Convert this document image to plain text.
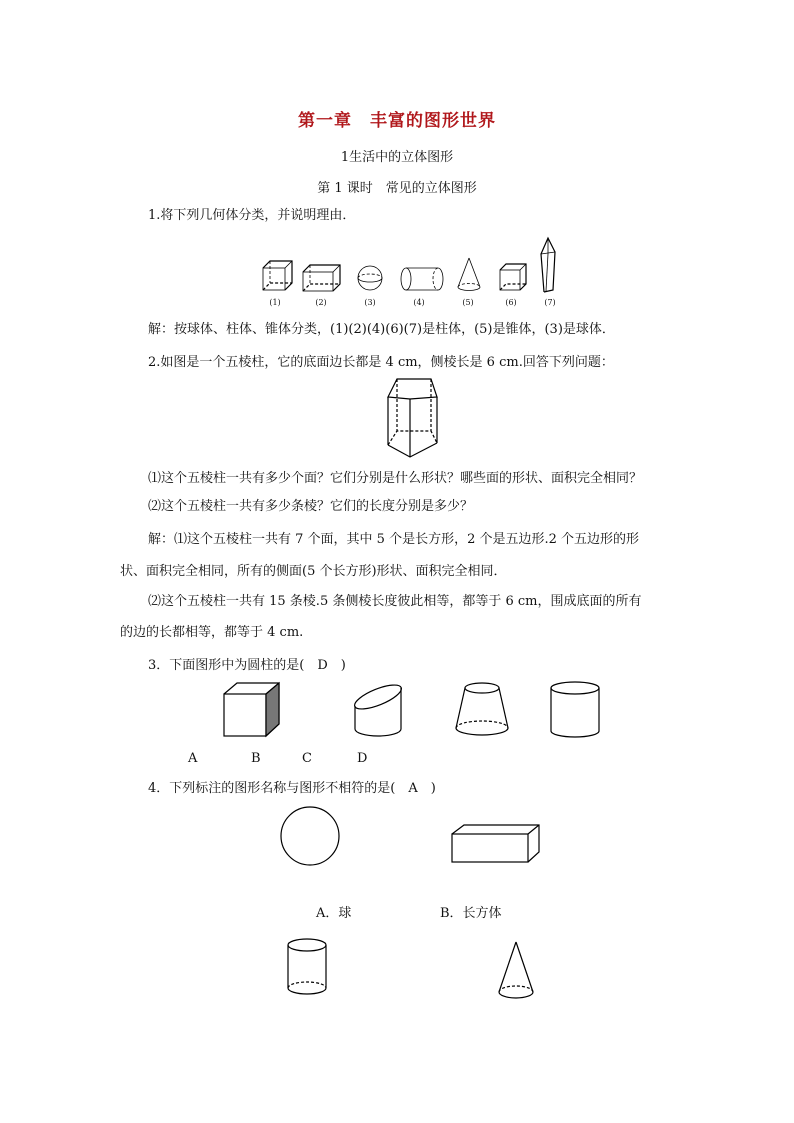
第一章　丰富的图形世界
1生活中的立体图形
第 1 课时　常见的立体图形
1.将下列几何体分类，并说明理由．
(1)	(2)	(3)	(4)	(5)	(6)	(7)
解：按球体、柱体、锥体分类，(1)(2)(4)(6)(7)是柱体，(5)是锥体，(3)是球体．
2.如图是一个五棱柱，它的底面边长都是 4 cm，侧棱长是 6 cm.回答下列问题：
⑴这个五棱柱一共有多少个面？它们分别是什么形状？哪些面的形状、面积完全相同？
⑵这个五棱柱一共有多少条棱？它们的长度分别是多少？
解：⑴这个五棱柱一共有 7 个面，其中 5 个是长方形，2 个是五边形.2 个五边形的形
状、面积完全相同，所有的侧面(5 个长方形)形状、面积完全相同．
⑵这个五棱柱一共有 15 条棱.5 条侧棱长度彼此相等，都等于 6 cm，围成底面的所有
的边的长都相等，都等于 4 cm.
3．下面图形中为圆柱的是(　D　)
A	B	C	D
4．下列标注的图形名称与图形不相符的是(　A　)
A．球	B．长方体
